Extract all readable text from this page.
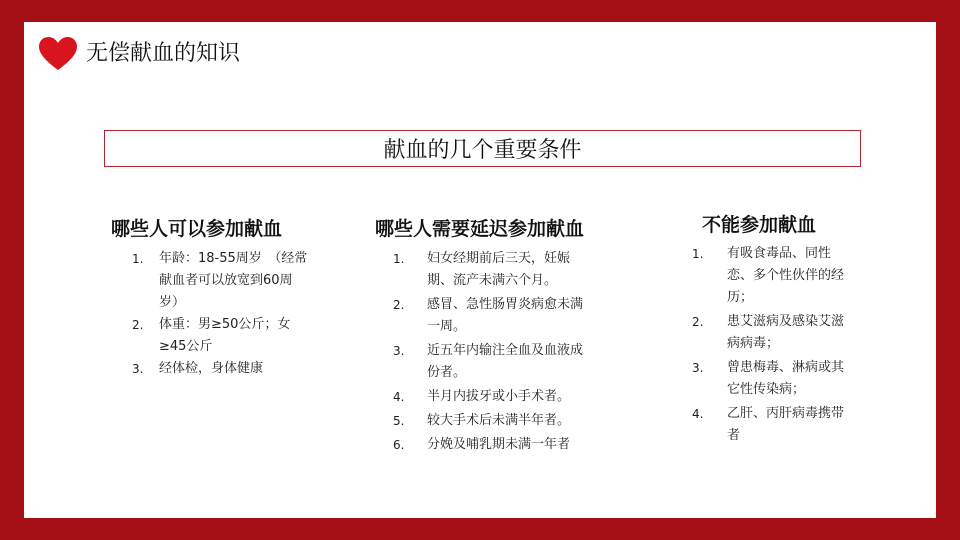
无偿献血的知识
献血的几个重要条件
哪些人可以参加献血
1. 年龄：18-55周岁　（经常献血者可以放宽到60周岁）
2. 体重：男≥50公斤；女≥45公斤
3. 经体检，身体健康
哪些人需要延迟参加献血
1. 妇女经期前后三天，妊娠期、流产未满六个月。
2. 感冒、急性肠胃炎病愈未满一周。
3. 近五年内输注全血及血液成份者。
4. 半月内拔牙或小手术者。
5. 较大手术后未满半年者。
6. 分娩及哺乳期未满一年者
不能参加献血
1. 有吸食毒品、同性恋、多个性伙伴的经历；
2. 患艾滋病及感染艾滋病病毒；
3. 曾患梅毒、淋病或其它性传染病；
4. 乙肝、丙肝病毒携带者
